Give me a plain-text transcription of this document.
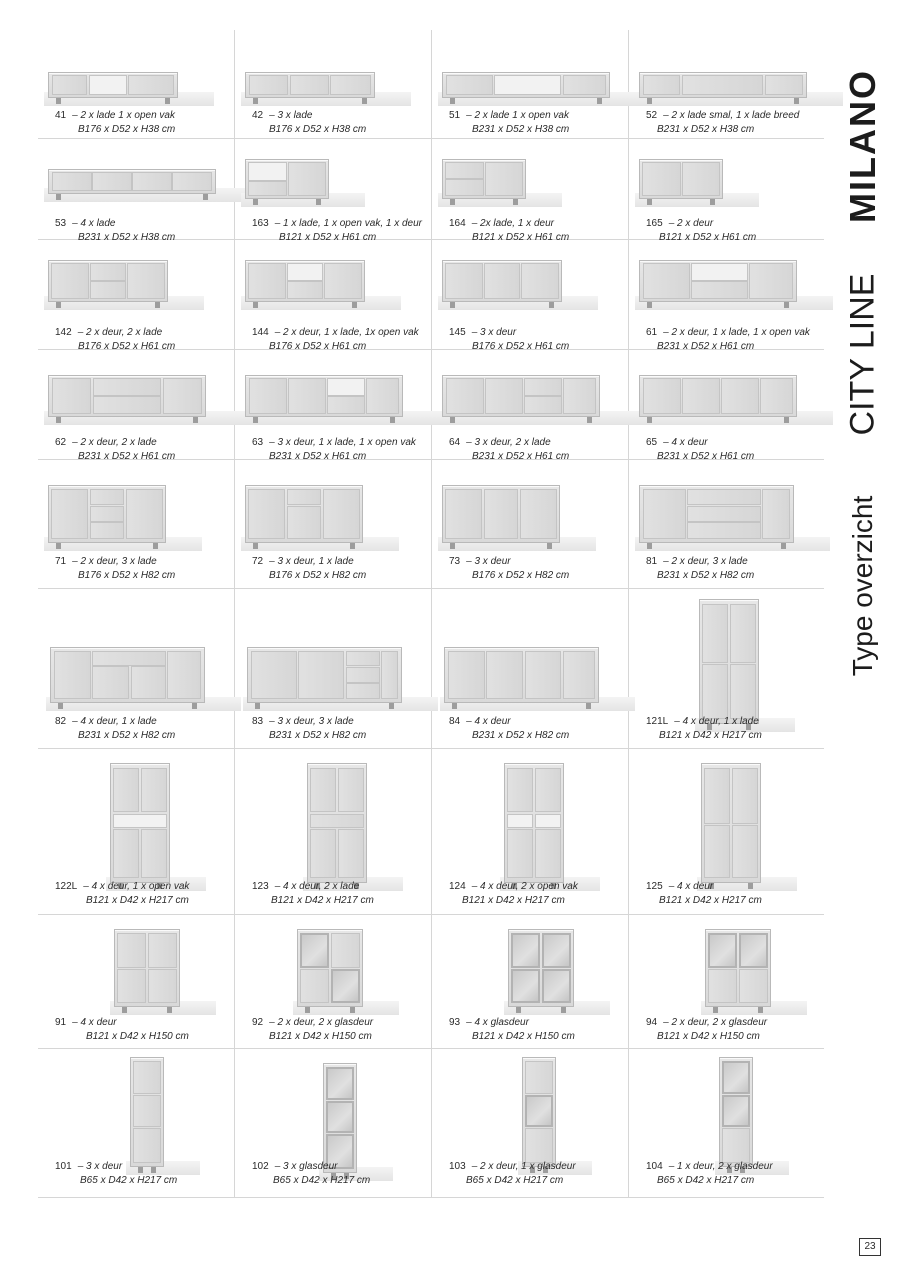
41 – 2 x lade 1 x open vak
B176 x D52 x H38 cm
42 – 3 x lade
B176 x D52 x H38 cm
51 – 2 x lade 1 x open vak
B231 x D52 x H38 cm
52 – 2 x lade smal, 1 x lade breed
B231 x D52 x H38 cm
53 – 4 x lade
B231 x D52 x H38 cm
163 – 1 x lade, 1 x open vak, 1 x deur
B121 x D52 x H61 cm
164 – 2x lade, 1 x deur
B121 x D52 x H61 cm
165 – 2 x deur
B121 x D52 x H61 cm
142 – 2 x deur, 2 x lade
B176 x D52 x H61 cm
144 – 2 x deur, 1 x lade, 1x open vak
B176 x D52 x H61 cm
145 – 3 x deur
B176 x D52 x H61 cm
61 – 2 x deur, 1 x lade, 1 x open vak
B231 x D52 x H61 cm
62 – 2 x deur, 2 x lade
B231 x D52 x H61 cm
63 – 3 x deur, 1 x lade, 1 x open vak
B231 x D52 x H61 cm
64 – 3 x deur, 2 x lade
B231 x D52 x H61 cm
65 – 4 x deur
B231 x D52 x H61 cm
71 – 2 x deur, 3 x lade
B176 x D52 x H82 cm
72 – 3 x deur, 1 x lade
B176 x D52 x H82 cm
73 – 3 x deur
B176 x D52 x H82 cm
81 – 2 x deur, 3 x lade
B231 x D52 x H82 cm
82 – 4 x deur, 1 x lade
B231 x D52 x H82 cm
83 – 3 x deur, 3 x lade
B231 x D52 x H82 cm
84 – 4 x deur
B231 x D52 x H82 cm
121L – 4 x deur, 1 x lade
B121 x D42 x H217 cm
122L – 4 x deur, 1 x open vak
B121 x D42 x H217 cm
123 – 4 x deur, 2 x lade
B121 x D42 x H217 cm
124 – 4 x deur, 2 x open vak
B121 x D42 x H217 cm
125 – 4 x deur
B121 x D42 x H217 cm
91 – 4 x deur
B121 x D42 x H150 cm
92 – 2 x deur, 2 x glasdeur
B121 x D42 x H150 cm
93 – 4 x glasdeur
B121 x D42 x H150 cm
94 – 2 x deur, 2 x glasdeur
B121 x D42 x H150 cm
101 – 3 x deur
B65 x D42 x H217 cm
102 – 3 x glasdeur
B65 x D42 x H217 cm
103 – 2 x deur, 1 x glasdeur
B65 x D42 x H217 cm
104 – 1 x deur, 2 x glasdeur
B65 x D42 x H217 cm
MILANO
CITY LINE
Type overzicht
23
